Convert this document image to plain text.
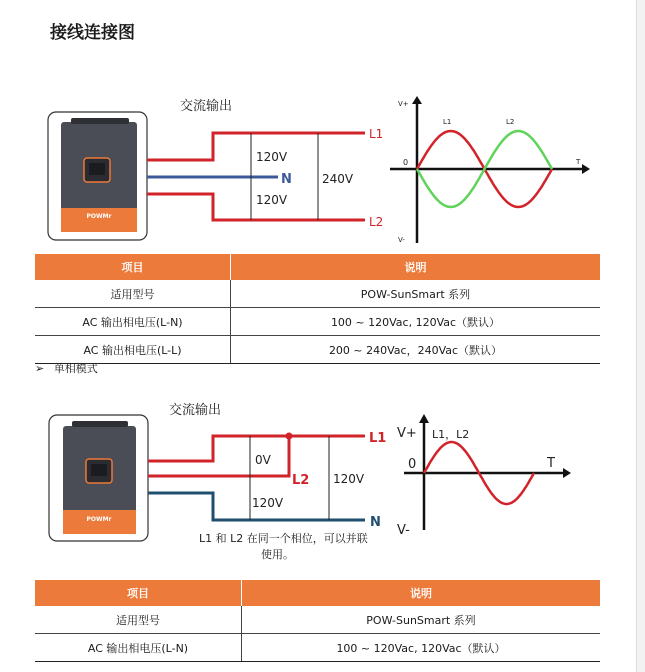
接线连接图
POWMr
交流输出
120V
120V
240V
L1
N
L2
V+
V-
0	T
L1	L2
项目	说明
适用型号	POW-SunSmart 系列
AC 输出相电压(L-N)	100 ~ 120Vac, 120Vac（默认）
AC 输出相电压(L-L)	200 ~ 240Vac，240Vac（默认）
➢ 单相模式
POWMr
交流输出
0V
120V
120V
L1
L2
N
L1 和 L2 在同一个相位，可以并联 使用。
V+
V-
0	T
L1，L2
项目	说明
适用型号	POW-SunSmart 系列
AC 输出相电压(L-N)	100 ~ 120Vac, 120Vac（默认）
